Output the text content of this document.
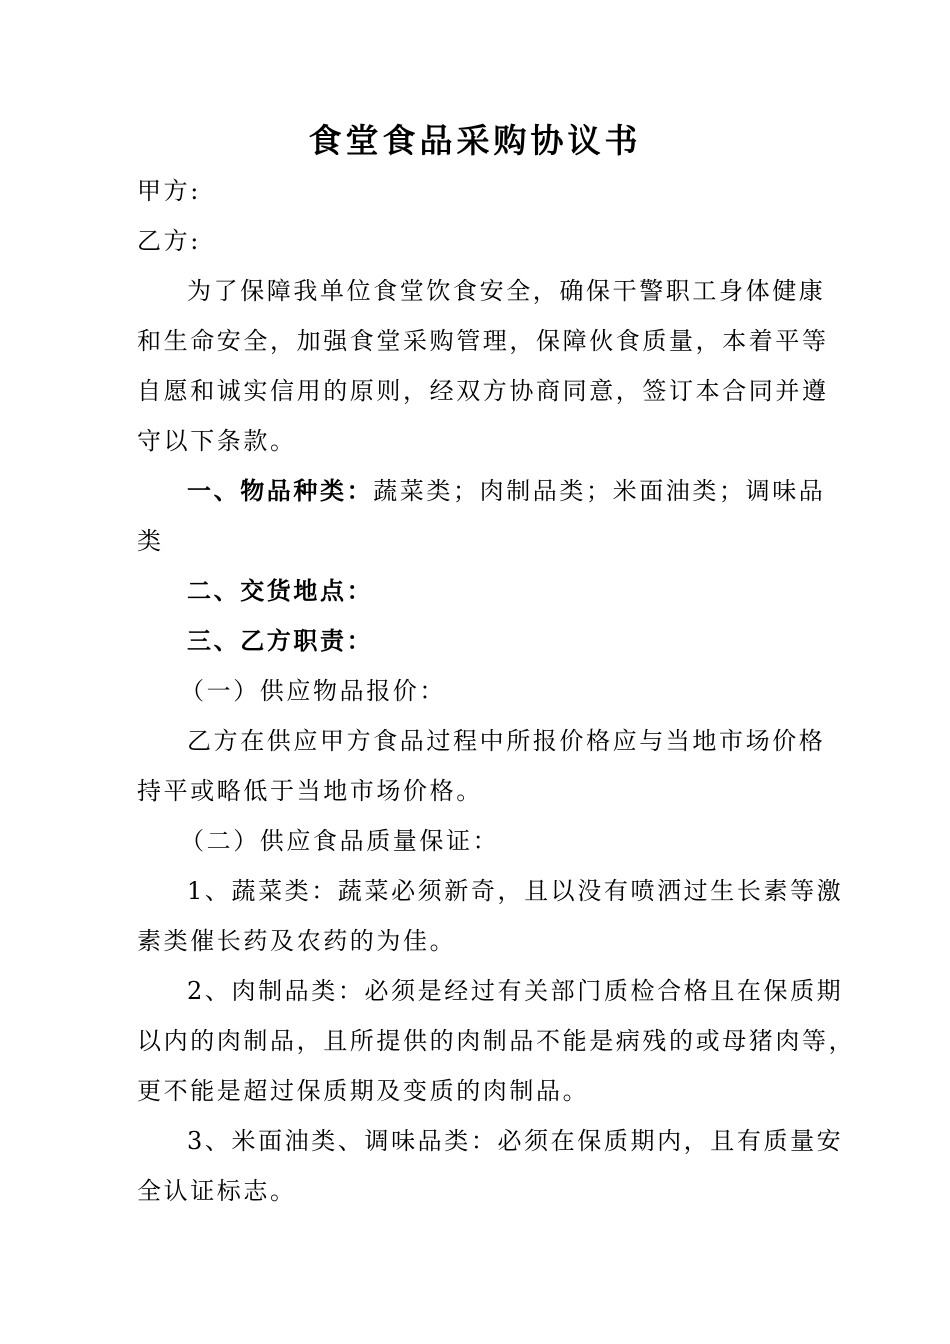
食堂食品采购协议书

甲方:

乙方:

为了保障我单位食堂饮食安全，确保干警职工身体健康

和生命安全，加强食堂采购管理，保障伙食质量，本着平等

自愿和诚实信用的原则，经双方协商同意，签订本合同并遵

守以下条款。

一、物品种类：蔬菜类；肉制品类；米面油类；调味品

类

二、交货地点：

三、乙方职责：

（一）供应物品报价：

乙方在供应甲方食品过程中所报价格应与当地市场价格

持平或略低于当地市场价格。

（二）供应食品质量保证：

1、蔬菜类：蔬菜必须新奇，且以没有喷洒过生长素等激

素类催长药及农药的为佳。

2、肉制品类：必须是经过有关部门质检合格且在保质期

以内的肉制品，且所提供的肉制品不能是病残的或母猪肉等，

更不能是超过保质期及变质的肉制品。

3、米面油类、调味品类：必须在保质期内，且有质量安

全认证标志。
